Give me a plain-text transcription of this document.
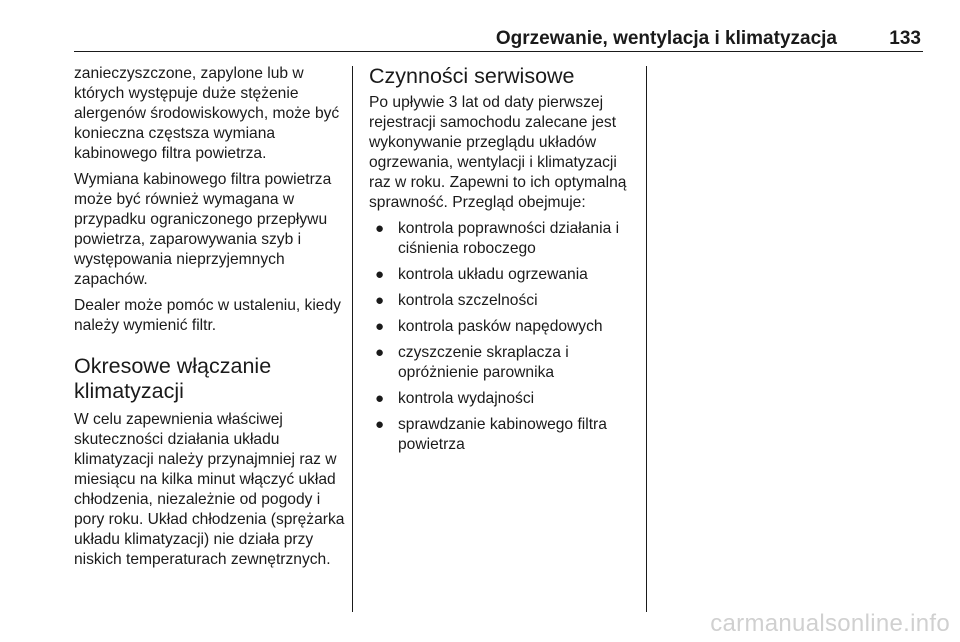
Ogrzewanie, wentylacja i klimatyzacja	133

zanieczyszczone, zapylone lub w których występuje duże stężenie alergenów środowiskowych, może być konieczna częstsza wymiana kabinowego filtra powietrza.

Wymiana kabinowego filtra powietrza może być również wymagana w przypadku ograniczonego przepływu powietrza, zaparowywania szyb i występowania nieprzyjemnych zapachów.

Dealer może pomóc w ustaleniu, kiedy należy wymienić filtr.

Okresowe włączanie klimatyzacji

W celu zapewnienia właściwej skuteczności działania układu klimatyzacji należy przynajmniej raz w miesiącu na kilka minut włączyć układ chłodzenia, niezależnie od pogody i pory roku. Układ chłodzenia (sprężarka układu klimatyzacji) nie działa przy niskich temperaturach zewnętrznych.

Czynności serwisowe

Po upływie 3 lat od daty pierwszej rejestracji samochodu zalecane jest wykonywanie przeglądu układów ogrzewania, wentylacji i klimatyzacji raz w roku. Zapewni to ich optymalną sprawność. Przegląd obejmuje:

● kontrola poprawności działania i ciśnienia roboczego
● kontrola układu ogrzewania
● kontrola szczelności
● kontrola pasków napędowych
● czyszczenie skraplacza i opróżnienie parownika
● kontrola wydajności
● sprawdzanie kabinowego filtra powietrza
carmanualsonline.info
